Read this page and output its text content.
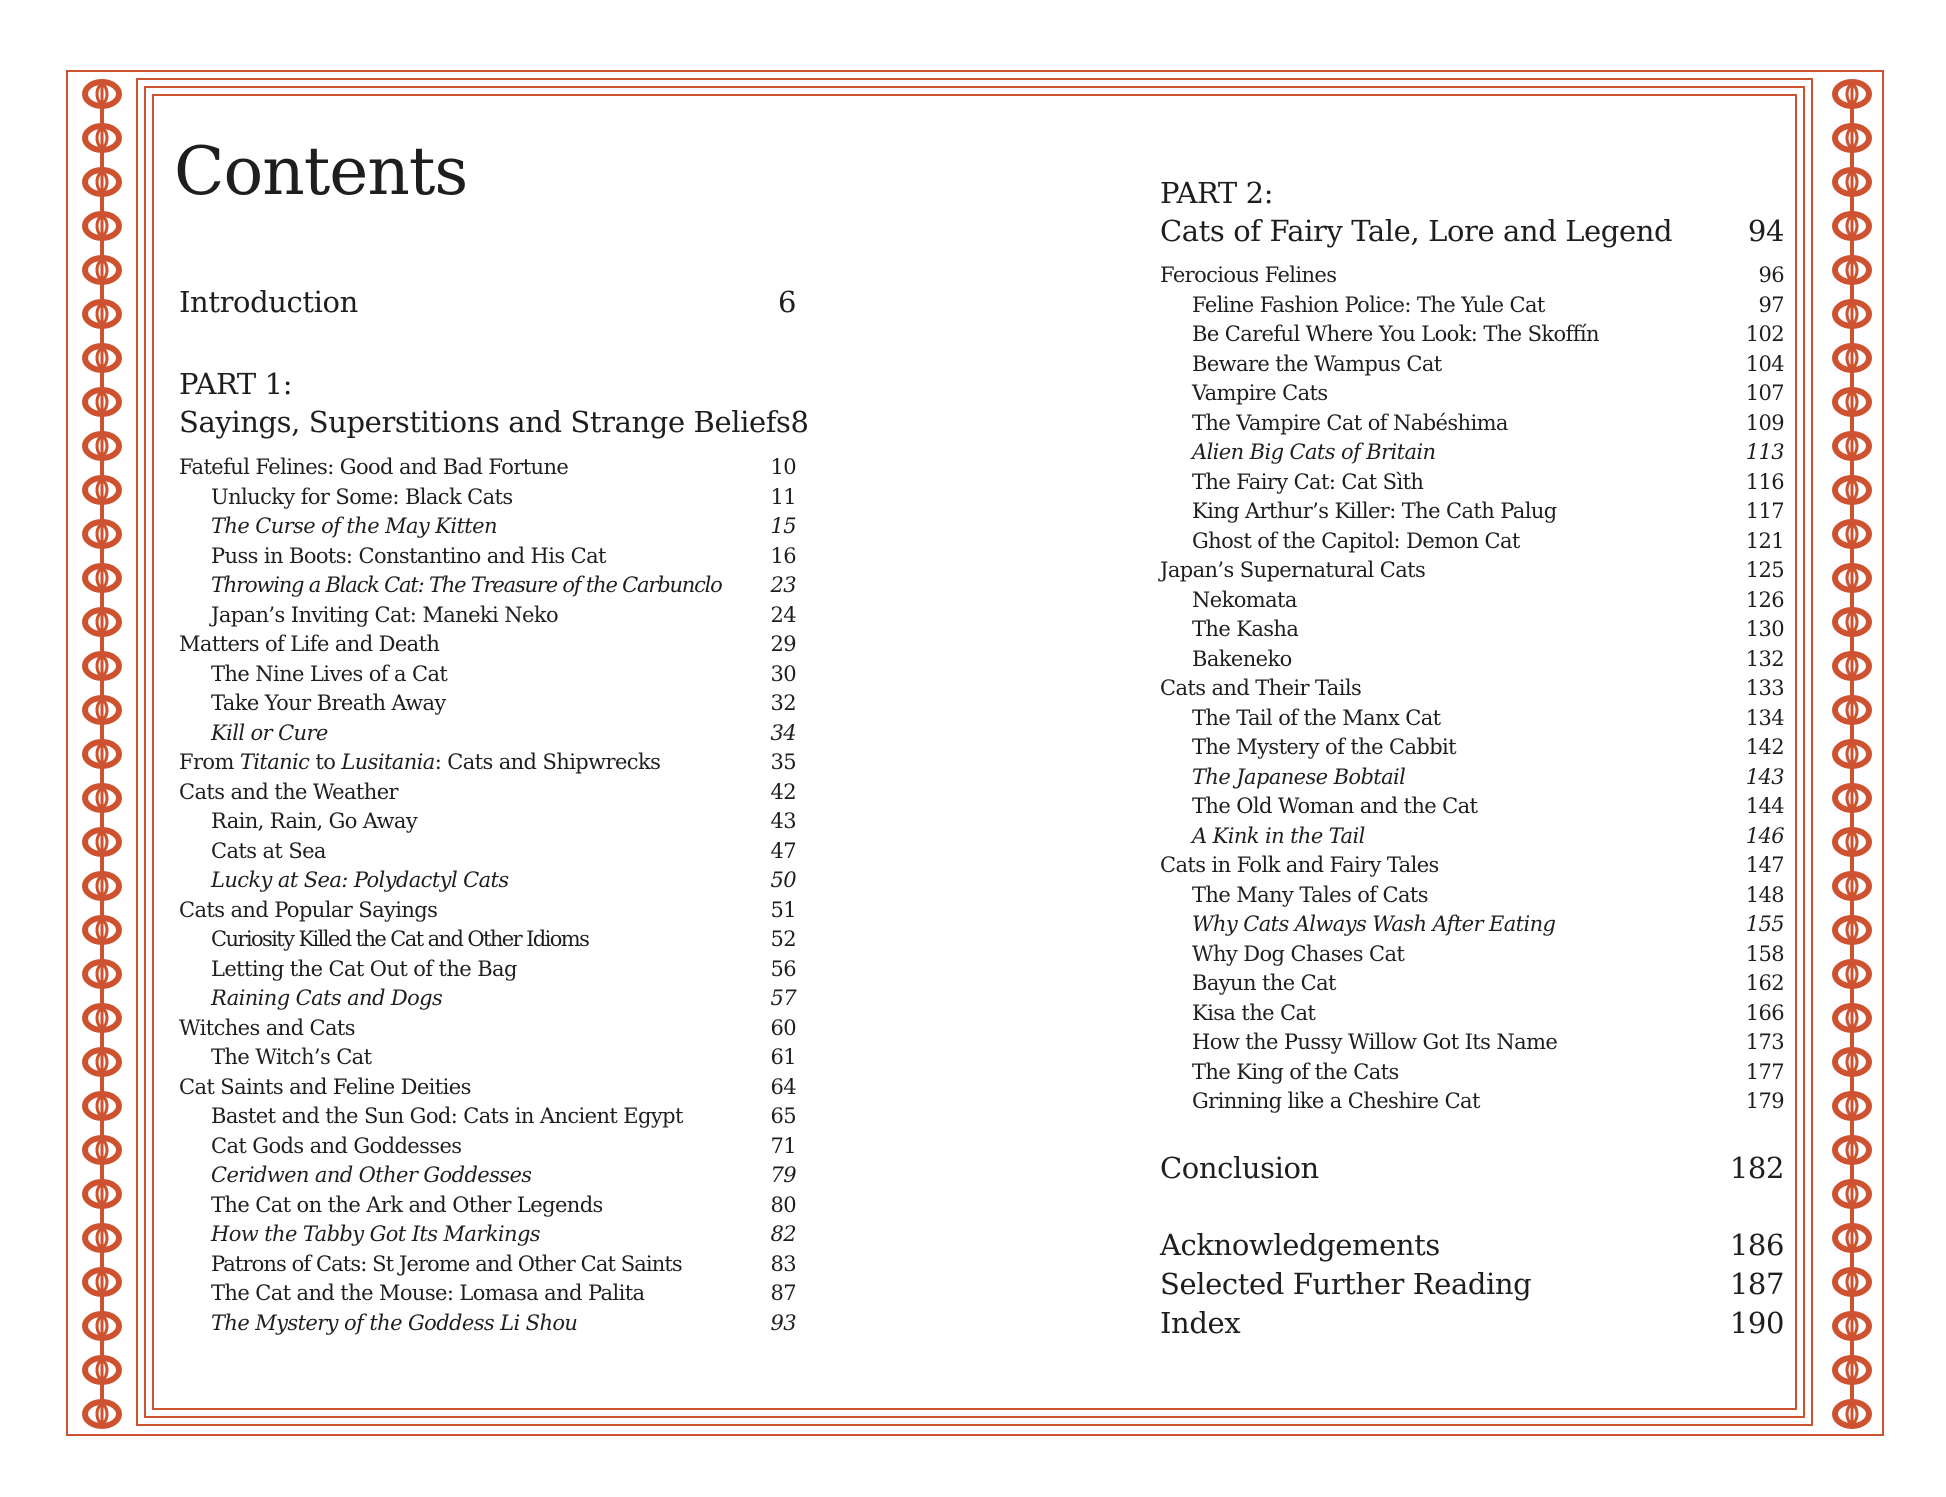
Contents
Introduction	6
PART 1:
Sayings, Superstitions and Strange Beliefs 8
Fateful Felines: Good and Bad Fortune	10
Unlucky for Some: Black Cats	11
The Curse of the May Kitten	15
Puss in Boots: Constantino and His Cat	16
Throwing a Black Cat: The Treasure of the Carbunclo 23
Japan’s Inviting Cat: Maneki Neko	24
Matters of Life and Death	29
The Nine Lives of a Cat	30
Take Your Breath Away	32
Kill or Cure	34
From Titanic to Lusitania: Cats and Shipwrecks	35
Cats and the Weather	42
Rain, Rain, Go Away	43
Cats at Sea	47
Lucky at Sea: Polydactyl Cats	50
Cats and Popular Sayings	51
Curiosity Killed the Cat and Other Idioms	52
Letting the Cat Out of the Bag	56
Raining Cats and Dogs	57
Witches and Cats	60
The Witch’s Cat	61
Cat Saints and Feline Deities	64
Bastet and the Sun God: Cats in Ancient Egypt	65
Cat Gods and Goddesses	71
Ceridwen and Other Goddesses	79
The Cat on the Ark and Other Legends	80
How the Tabby Got Its Markings	82
Patrons of Cats: St Jerome and Other Cat Saints	83
The Cat and the Mouse: Lomasa and Palita	87
The Mystery of the Goddess Li Shou	93
PART 2:
Cats of Fairy Tale, Lore and Legend	94
Ferocious Felines	96
Feline Fashion Police: The Yule Cat	97
Be Careful Where You Look: The Skoffín	102
Beware the Wampus Cat	104
Vampire Cats	107
The Vampire Cat of Nabéshima	109
Alien Big Cats of Britain	113
The Fairy Cat: Cat Sìth	116
King Arthur’s Killer: The Cath Palug	117
Ghost of the Capitol: Demon Cat	121
Japan’s Supernatural Cats	125
Nekomata	126
The Kasha	130
Bakeneko	132
Cats and Their Tails	133
The Tail of the Manx Cat	134
The Mystery of the Cabbit	142
The Japanese Bobtail	143
The Old Woman and the Cat	144
A Kink in the Tail	146
Cats in Folk and Fairy Tales	147
The Many Tales of Cats	148
Why Cats Always Wash After Eating	155
Why Dog Chases Cat	158
Bayun the Cat	162
Kisa the Cat	166
How the Pussy Willow Got Its Name	173
The King of the Cats	177
Grinning like a Cheshire Cat	179
Conclusion	182
Acknowledgements	186
Selected Further Reading	187
Index	190
